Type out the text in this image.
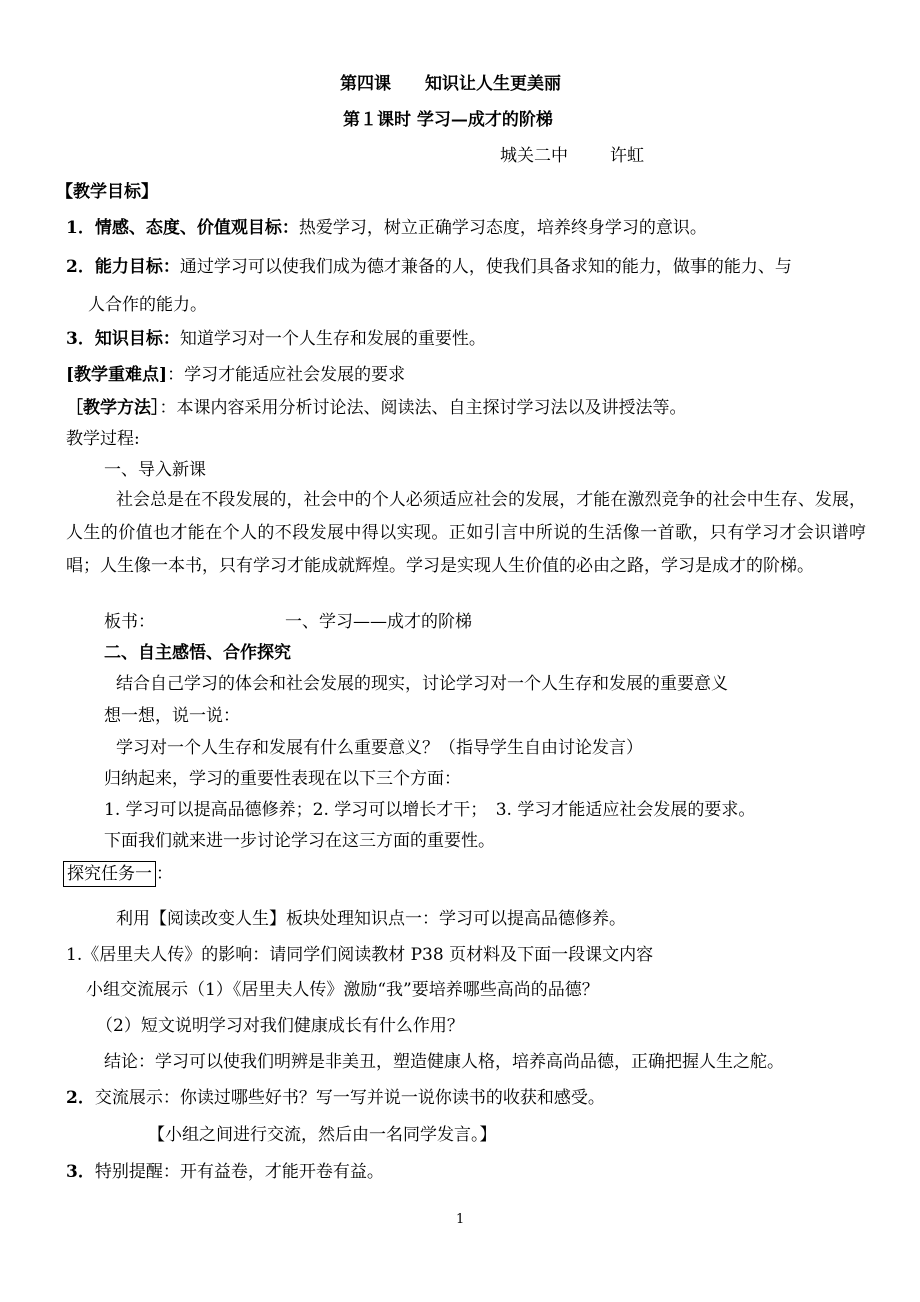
第四课　　知识让人生更美丽
第１课时 学习—成才的阶梯
城关二中 许虹
【教学目标】
1．情感、态度、价值观目标：热爱学习，树立正确学习态度，培养终身学习的意识。
2．能力目标：通过学习可以使我们成为德才兼备的人，使我们具备求知的能力，做事的能力、与
人合作的能力。
3．知识目标：知道学习对一个人生存和发展的重要性。
[教学重难点]：学习才能适应社会发展的要求
［教学方法］：本课内容采用分析讨论法、阅读法、自主探讨学习法以及讲授法等。
教学过程:
一、导入新课
社会总是在不段发展的，社会中的个人必须适应社会的发展，才能在激烈竞争的社会中生存、发展，人生的价值也才能在个人的不段发展中得以实现。正如引言中所说的生活像一首歌，只有学习才会识谱哼唱；人生像一本书，只有学习才能成就辉煌。学习是实现人生价值的必由之路，学习是成才的阶梯。
板书：	一、学习——成才的阶梯
二、自主感悟、合作探究
结合自己学习的体会和社会发展的现实，讨论学习对一个人生存和发展的重要意义
想一想，说一说：
学习对一个人生存和发展有什么重要意义？（指导学生自由讨论发言）
归纳起来，学习的重要性表现在以下三个方面：
1. 学习可以提高品德修养；2. 学习可以增长才干；　3. 学习才能适应社会发展的要求。
下面我们就来进一步讨论学习在这三方面的重要性。
探究任务一 ：
利用【阅读改变人生】板块处理知识点一：学习可以提高品德修养。
1.《居里夫人传》的影响：请同学们阅读教材 P38 页材料及下面一段课文内容
小组交流展示（1）《居里夫人传》激励“我”要培养哪些高尚的品德？
（2）短文说明学习对我们健康成长有什么作用？
结论：学习可以使我们明辨是非美丑，塑造健康人格，培养高尚品德，正确把握人生之舵。
2．交流展示：你读过哪些好书？写一写并说一说你读书的收获和感受。
【小组之间进行交流，然后由一名同学发言。】
3．特别提醒：开有益卷，才能开卷有益。
1
